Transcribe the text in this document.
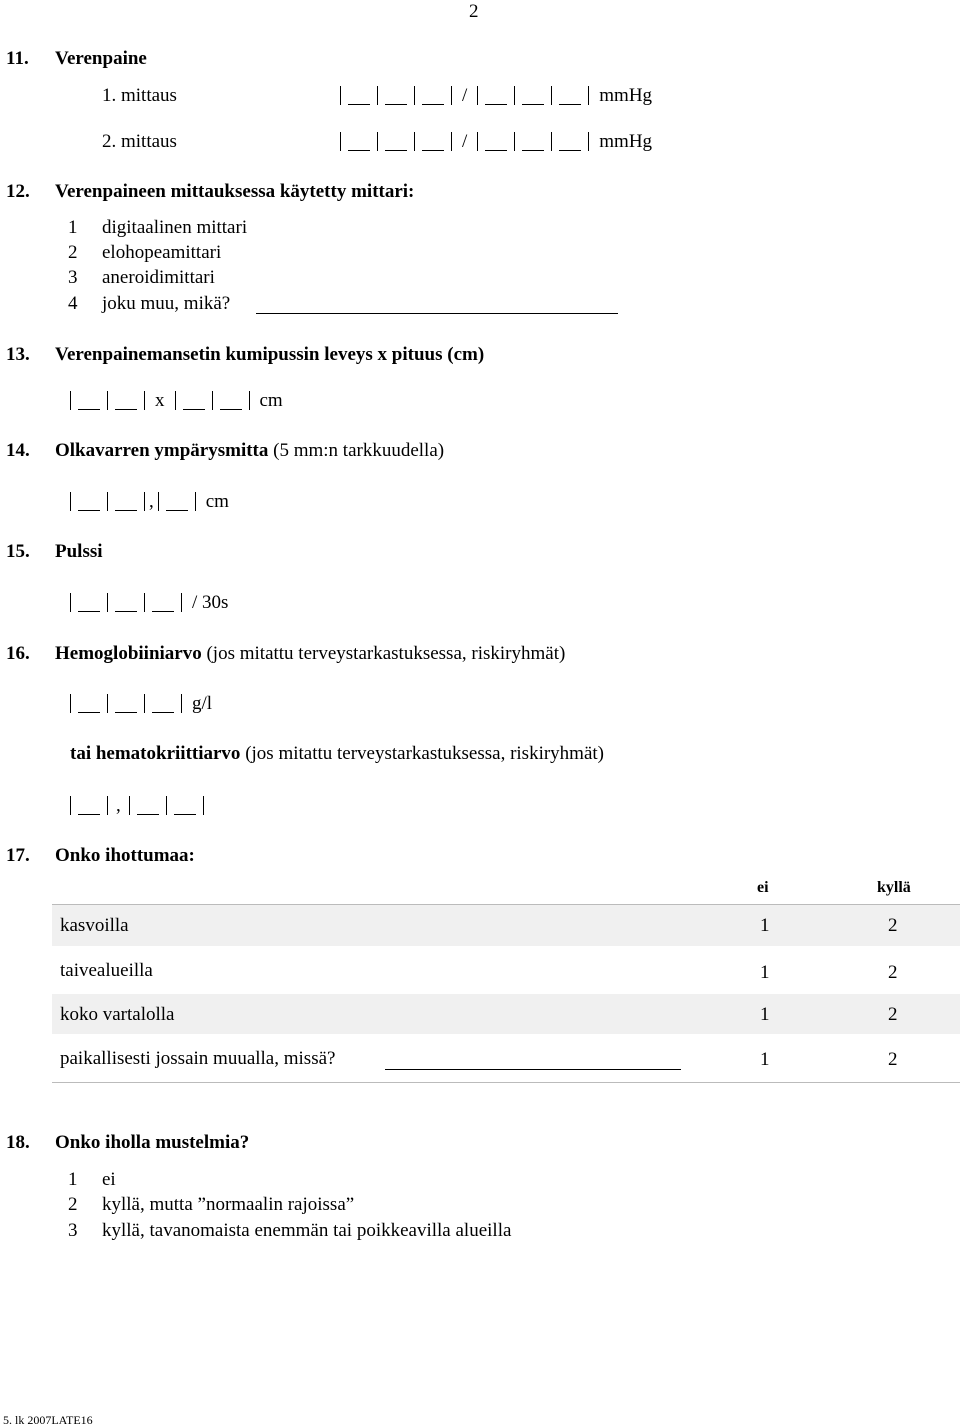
2
11. Verenpaine
1. mittaus	/	mmHg
2. mittaus	/	mmHg
12. Verenpaineen mittauksessa käytetty mittari:
1 digitaalinen mittari
2 elohopeamittari
3 aneroidimittari
4 joku muu, mikä?
13. Verenpainemansetin kumipussin leveys x pituus (cm)
x	cm
14. Olkavarren ympärysmitta (5 mm:n tarkkuudella)
,	cm
15. Pulssi
/ 30s
16. Hemoglobiiniarvo (jos mitattu terveystarkastuksessa, riskiryhmät)
g/l
tai hematokriittiarvo (jos mitattu terveystarkastuksessa, riskiryhmät)
,
17. Onko ihottumaa:
ei	kyllä
kasvoilla	1	2
taivealueilla	1	2
koko vartalolla	1	2
paikallisesti jossain muualla, missä?	1	2
18. Onko iholla mustelmia?
1 ei
2 kyllä, mutta ”normaalin rajoissa”
3 kyllä, tavanomaista enemmän tai poikkeavilla alueilla
5. lk 2007LATE16
